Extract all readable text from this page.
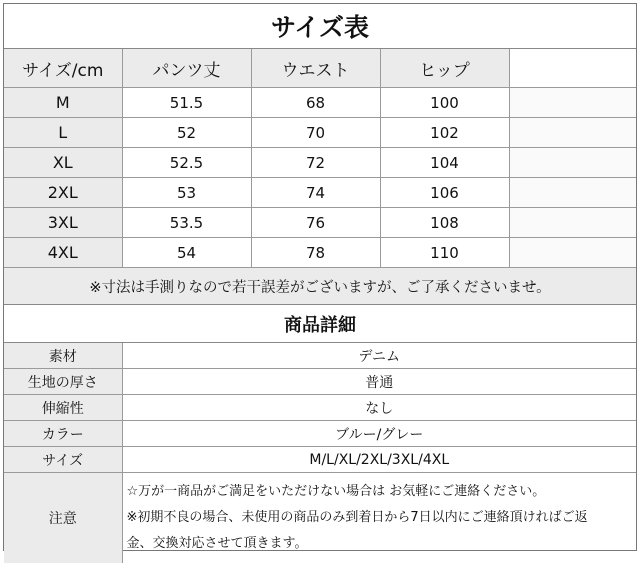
サイズ表
サイズ/cm	パンツ丈	ウエスト	ヒップ	
M	51.5	68	100	
L	52	70	102	
XL	52.5	72	104	
2XL	53	74	106	
3XL	53.5	76	108	
4XL	54	78	110	
※寸法は手測りなので若干誤差がございますが、ご了承くださいませ。
商品詳細
素材	デニム
生地の厚さ	普通
伸縮性	なし
カラー	ブルー/グレー
サイズ	M/L/XL/2XL/3XL/4XL
注意	☆万が一商品がご満足をいただけない場合は お気軽にご連絡ください。
※初期不良の場合、未使用の商品のみ到着日から7日以内にご連絡頂ければご返
金、交換対応させて頂きます。
